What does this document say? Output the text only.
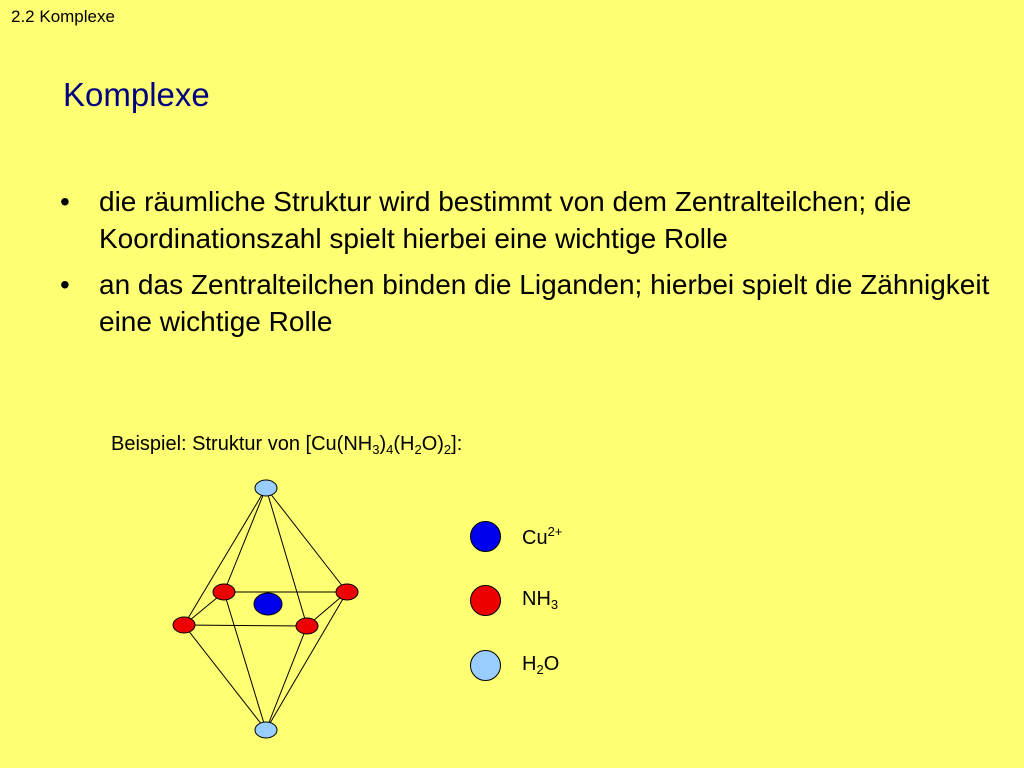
2.2 Komplexe
Komplexe
• die räumliche Struktur wird bestimmt von dem Zentralteilchen; die Koordinationszahl spielt hierbei eine wichtige Rolle
• an das Zentralteilchen binden die Liganden; hierbei spielt die Zähnigkeit eine wichtige Rolle
Beispiel: Struktur von $[Cu(NH_3)_4(H_2O)_2]$:
$Cu^{2+}$
$NH_3$
$H_2O$
